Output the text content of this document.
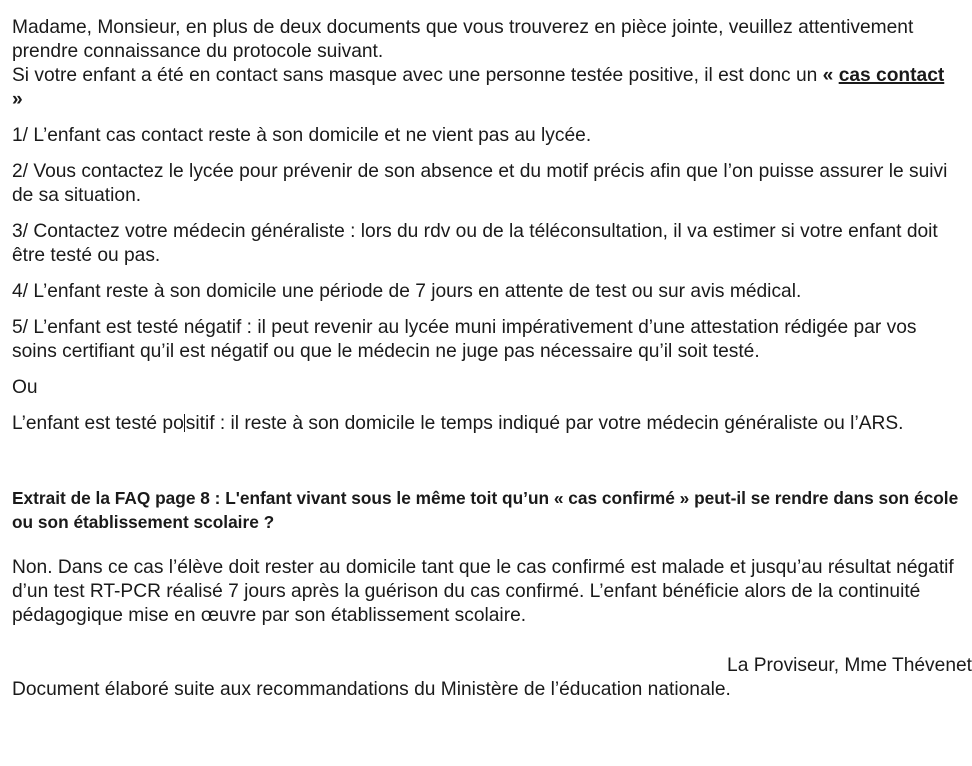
Madame, Monsieur, en plus de deux documents que vous trouverez en pièce jointe, veuillez attentivement prendre connaissance du protocole suivant.
Si votre enfant a été en contact sans masque avec une personne testée positive, il est donc un « cas contact »

1/ L’enfant cas contact reste à son domicile et ne vient pas au lycée.

2/ Vous contactez le lycée pour prévenir de son absence et du motif précis afin que l’on puisse assurer le suivi de sa situation.

3/ Contactez votre médecin généraliste : lors du rdv ou de la téléconsultation, il va estimer si votre enfant doit être testé ou pas.

4/ L’enfant reste à son domicile une période de 7 jours en attente de test ou sur avis médical.

5/ L’enfant est testé négatif : il peut revenir au lycée muni impérativement d’une attestation rédigée par vos soins certifiant qu’il est négatif ou que le médecin ne juge pas nécessaire qu’il soit testé.

Ou

L’enfant est testé po sitif : il reste à son domicile le temps indiqué par votre médecin généraliste ou l’ARS.

Extrait de la FAQ page 8 : L'enfant vivant sous le même toit qu’un « cas confirmé » peut-il se rendre dans son école ou son établissement scolaire ?

Non. Dans ce cas l’élève doit rester au domicile tant que le cas confirmé est malade et jusqu’au résultat négatif d’un test RT-PCR réalisé 7 jours après la guérison du cas confirmé. L’enfant bénéficie alors de la continuité pédagogique mise en œuvre par son établissement scolaire.

La Proviseur, Mme Thévenet

Document élaboré suite aux recommandations du Ministère de l’éducation nationale.
